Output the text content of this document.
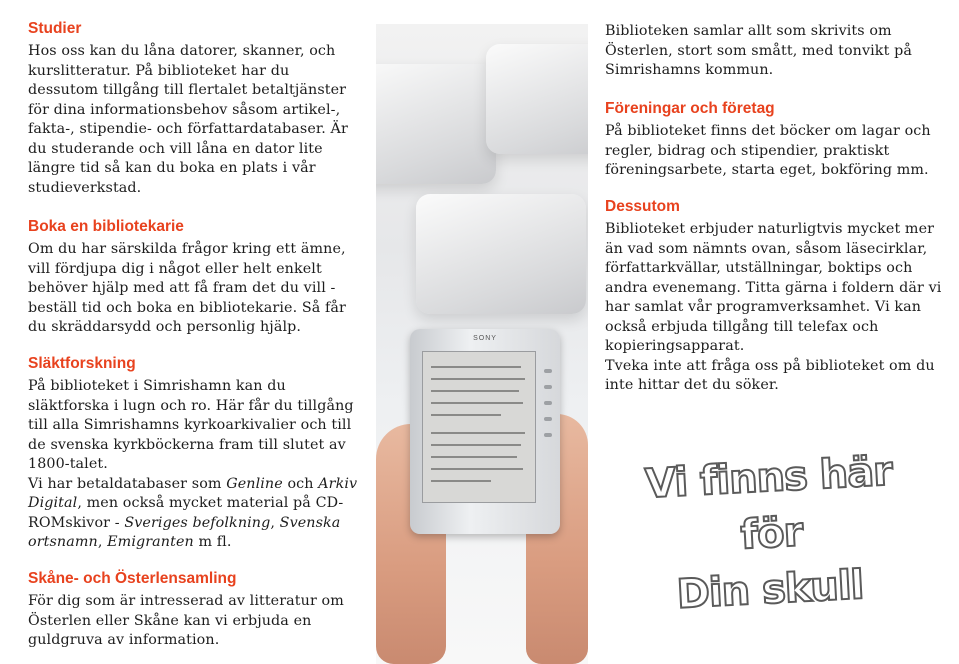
Studier

Hos oss kan du låna datorer, skanner, och kurslitteratur. På biblioteket har du dessutom tillgång till flertalet betaltjänster för dina informationsbehov såsom artikel-, fakta-, stipendie- och författardatabaser. Är du studerande och vill låna en dator lite längre tid så kan du boka en plats i vår studieverkstad.

Boka en bibliotekarie

Om du har särskilda frågor kring ett ämne, vill fördjupa dig i något eller helt enkelt behöver hjälp med att få fram det du vill - beställ tid och boka en bibliotekarie. Så får du skräddarsydd och personlig hjälp.

Släktforskning

På biblioteket i Simrishamn kan du släktforska i lugn och ro. Här får du tillgång till alla Simrishamns kyrkoarkivalier och till de svenska kyrkböckerna fram till slutet av 1800-talet.

Vi har betaldatabaser som Genline och Arkiv Digital, men också mycket material på CD-ROMskivor - Sveriges befolkning, Svenska ortsnamn, Emigranten m fl.

Skåne- och Österlensamling

För dig som är intresserad av litteratur om Österlen eller Skåne kan vi erbjuda en guldgruva av information.

SONY

Biblioteken samlar allt som skrivits om Österlen, stort som smått, med tonvikt på Simrishamns kommun.

Föreningar och företag

På biblioteket finns det böcker om lagar och regler, bidrag och stipendier, praktiskt föreningsarbete, starta eget, bokföring mm.

Dessutom

Biblioteket erbjuder naturligtvis mycket mer än vad som nämnts ovan, såsom läsecirklar, författarkvällar, utställningar, boktips och andra evenemang. Titta gärna i foldern där vi har samlat vår programverksamhet. Vi kan också erbjuda tillgång till telefax och kopieringsapparat.

Tveka inte att fråga oss på biblioteket om du inte hittar det du söker.

Vi finns här för
Din skull
